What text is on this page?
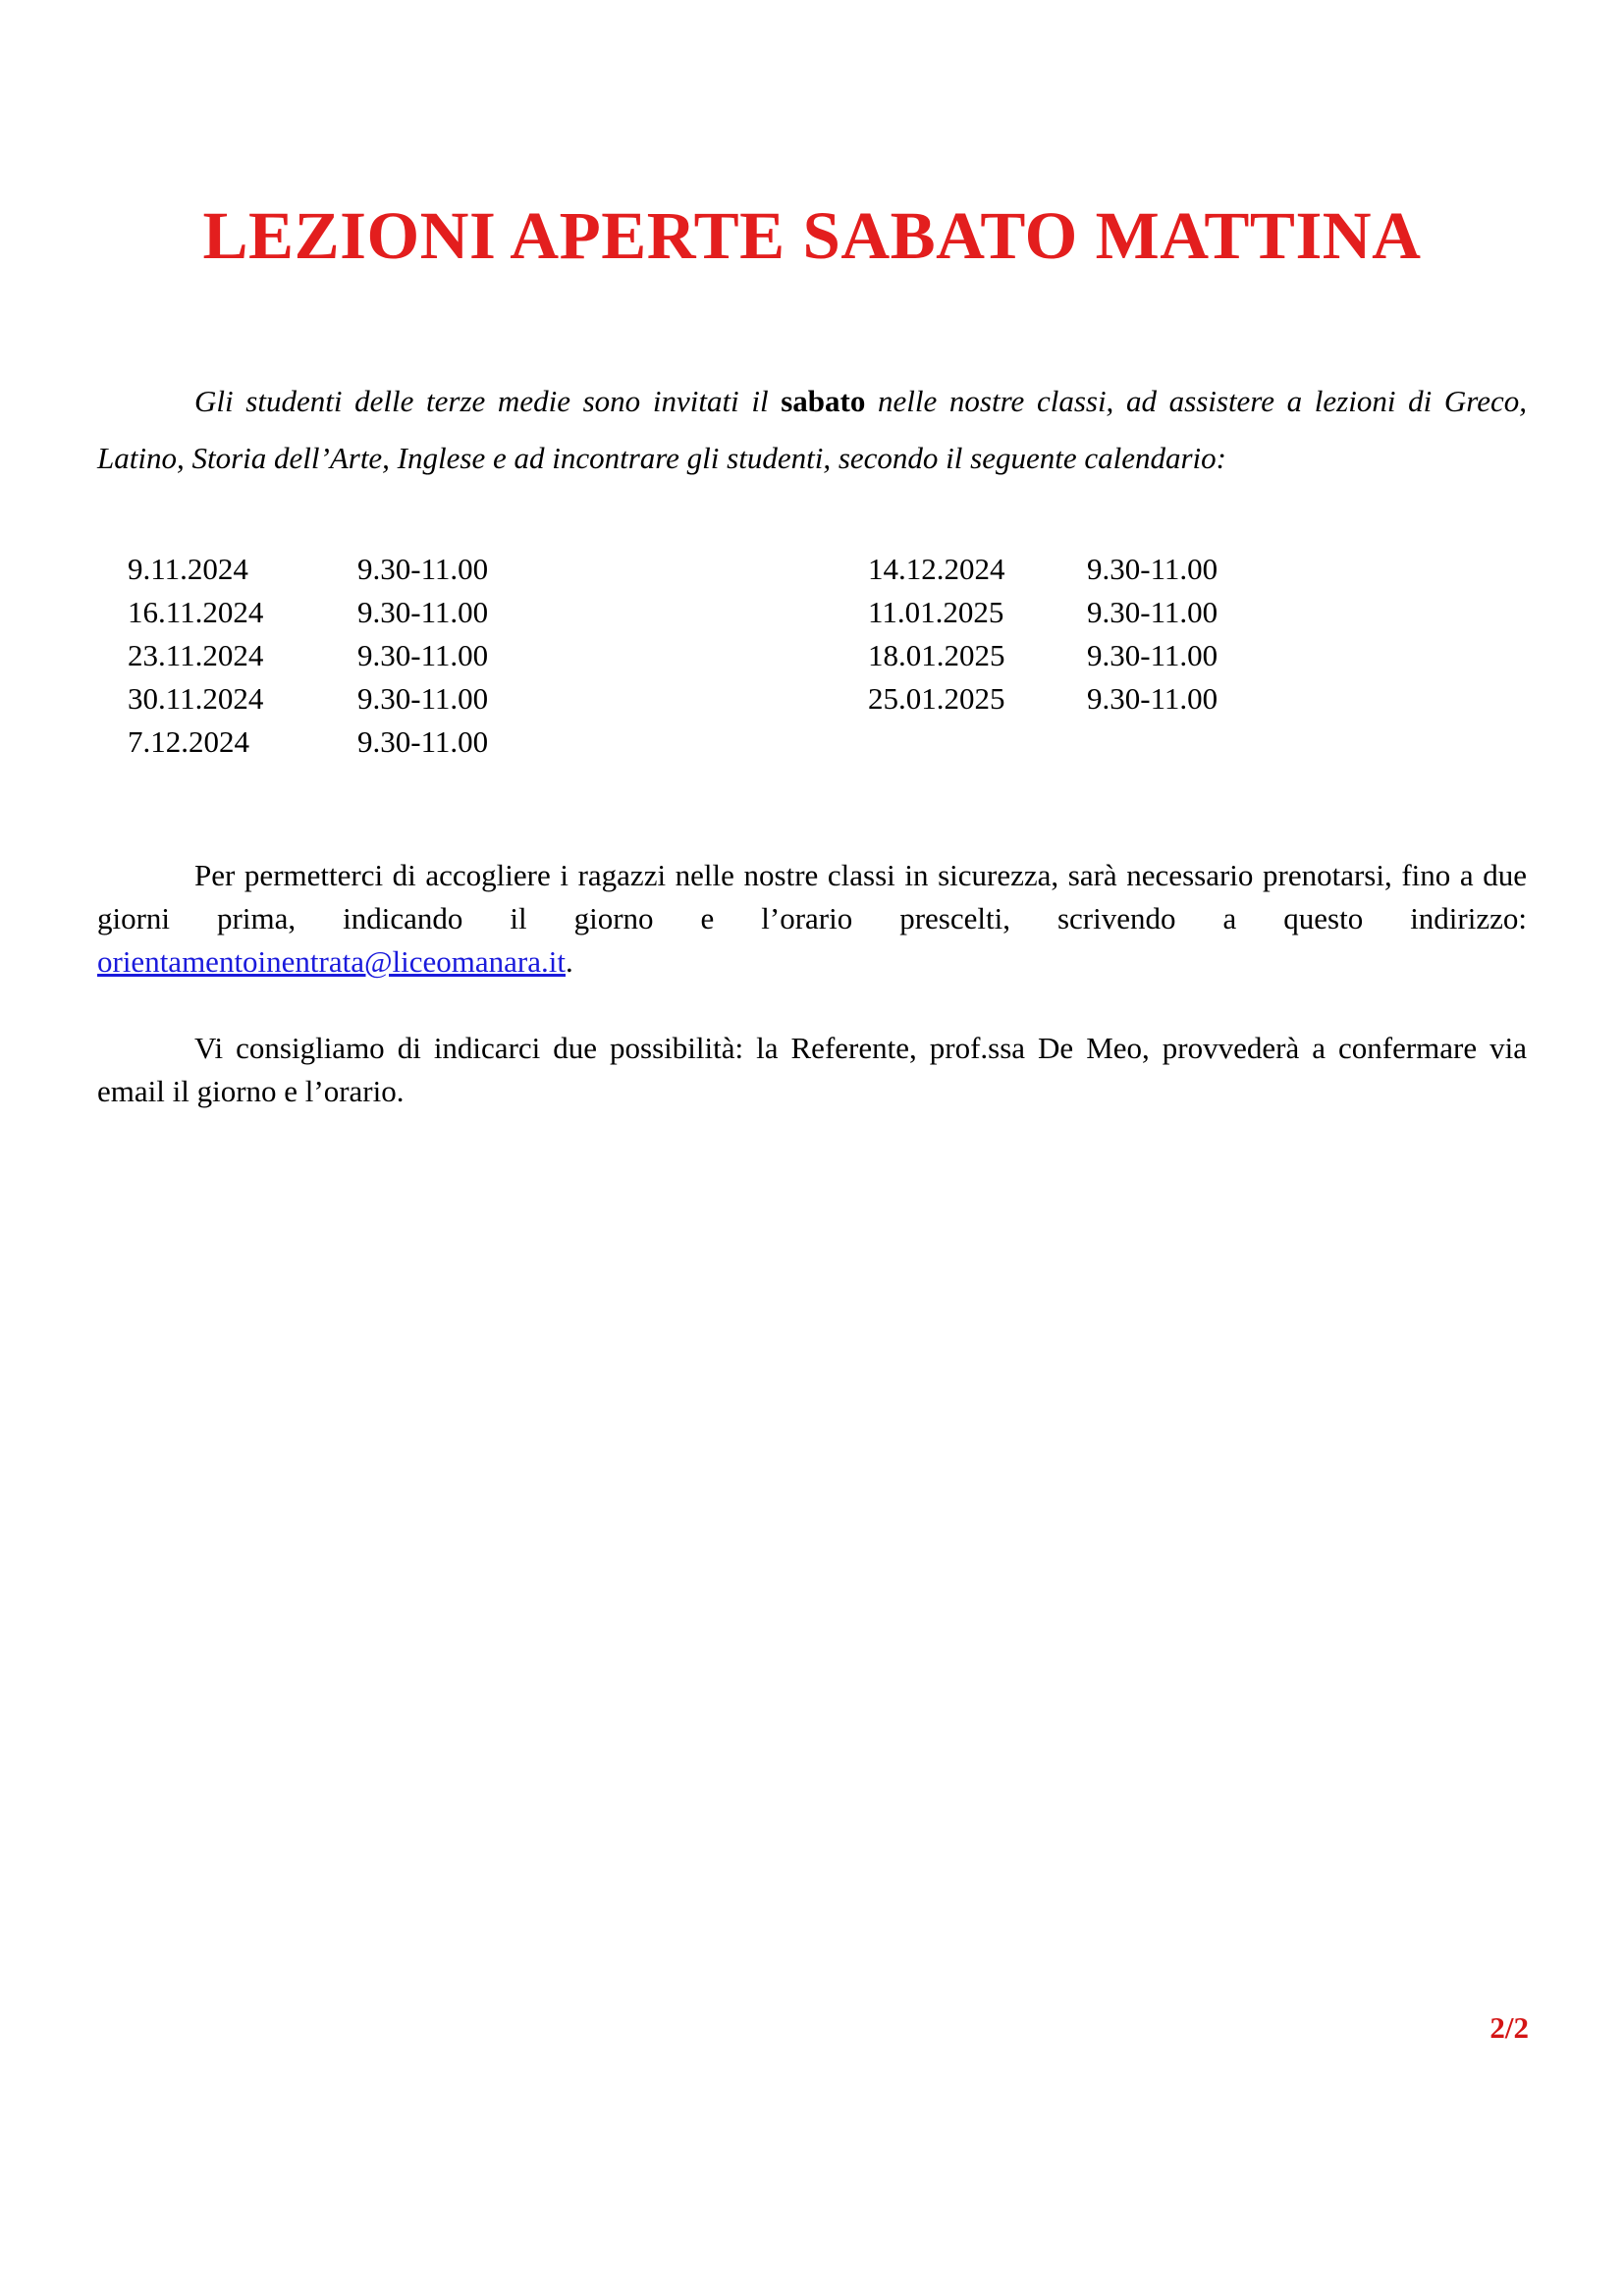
LEZIONI APERTE SABATO MATTINA

Gli studenti delle terze medie sono invitati il sabato nelle nostre classi, ad assistere a lezioni di Greco, Latino, Storia dell’Arte, Inglese e ad incontrare gli studenti, secondo il seguente calendario:

9.11.2024	9.30-11.00
16.11.2024	9.30-11.00
23.11.2024	9.30-11.00
30.11.2024	9.30-11.00
7.12.2024	9.30-11.00
14.12.2024	9.30-11.00
11.01.2025	9.30-11.00
18.01.2025	9.30-11.00
25.01.2025	9.30-11.00

Per permetterci di accogliere i ragazzi nelle nostre classi in sicurezza, sarà necessario prenotarsi, fino a due giorni prima, indicando il giorno e l’orario prescelti, scrivendo a questo indirizzo: orientamentoinentrata@liceomanara.it.

Vi consigliamo di indicarci due possibilità: la Referente, prof.ssa De Meo, provvederà a confermare via email il giorno e l’orario.

2/2
